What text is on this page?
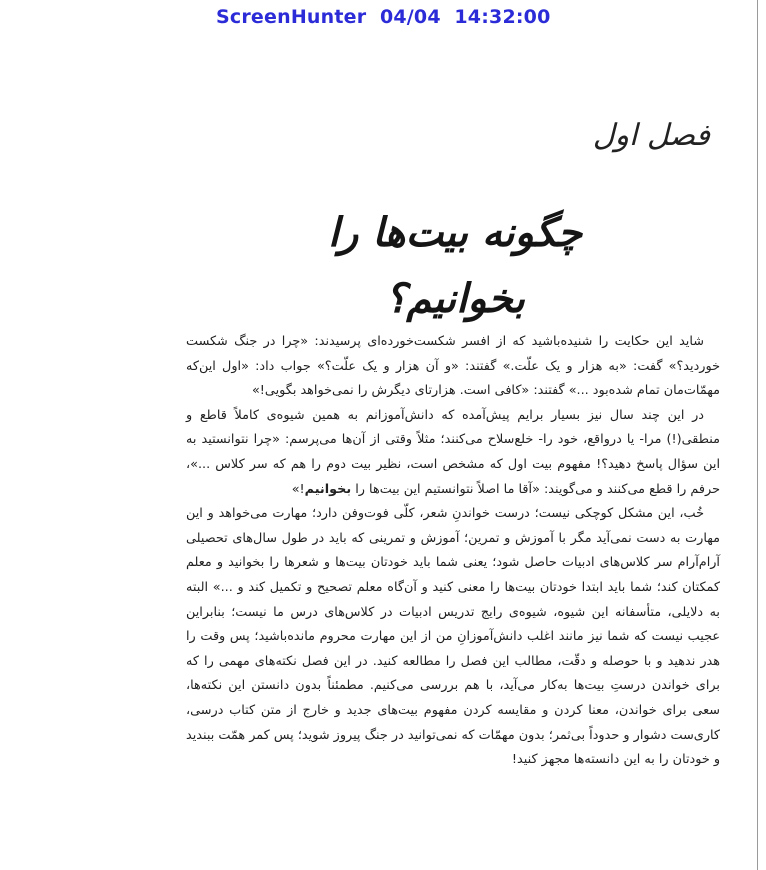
ScreenHunter  04/04  14:32:00
فصل اول
چگونه بیت‌ها را بخوانیم؟

شاید این حکایت را شنیده‌باشید که از افسر شکست‌خورده‌ای پرسیدند: «چرا در جنگ شکست خوردید؟» گفت: «به هزار و یک علّت.» گفتند: «و آن هزار و یک علّت؟» جواب داد: «اول این‌که مهمّات‌مان تمام شده‌بود ...» گفتند: «کافی است. هزارتای دیگرش را نمی‌خواهد بگویی!»

در این چند سال نیز بسیار برایم پیش‌آمده که دانش‌آموزانم به همین شیوه‌ی کاملاً قاطع و منطقی(!) مرا- یا درواقع، خود را- خلع‌سلاح می‌کنند؛ مثلاً وقتی از آن‌ها می‌پرسم: «چرا نتوانستید به این سؤال پاسخ دهید؟! مفهوم بیت اول که مشخص است، نظیر بیت دوم را هم که سر کلاس ...»، حرفم را قطع می‌کنند و می‌گویند: «آقا ما اصلاً نتوانستیم این بیت‌ها را بخوانیم!»

خُب، این مشکل کوچکی نیست؛ درست خواندنِ شعر، کلّی فوت‌وفن دارد؛ مهارت می‌خواهد و این مهارت به دست نمی‌آید مگر با آموزش و تمرین؛ آموزش و تمرینی که باید در طول سال‌های تحصیلی آرام‌آرام سر کلاس‌های ادبیات حاصل شود؛ یعنی شما باید خودتان بیت‌ها و شعرها را بخوانید و معلم کمکتان کند؛ شما باید ابتدا خودتان بیت‌ها را معنی کنید و آن‌گاه معلم تصحیح و تکمیل کند و ...» البته به دلایلی، متأسفانه این شیوه، شیوه‌ی رایج تدریس ادبیات در کلاس‌های درس ما نیست؛ بنابراین عجیب نیست که شما نیز مانند اغلب دانش‌آموزانِ من از این مهارت محروم مانده‌باشید؛ پس وقت را هدر ندهید و با حوصله و دقّت، مطالب این فصل را مطالعه کنید. در این فصل نکته‌های مهمی را که برای خواندن درستِ بیت‌ها به‌کار می‌آید، با هم بررسی می‌کنیم. مطمئناً بدون دانستن این نکته‌ها، سعی برای خواندن، معنا کردن و مقایسه کردن مفهوم بیت‌های جدید و خارج از متن کتاب درسی، کاری‌ست دشوار و حدوداً بی‌ثمر؛ بدون مهمّات که نمی‌توانید در جنگ پیروز شوید؛ پس کمر همّت ببندید و خودتان را به این دانسته‌ها مجهز کنید!
